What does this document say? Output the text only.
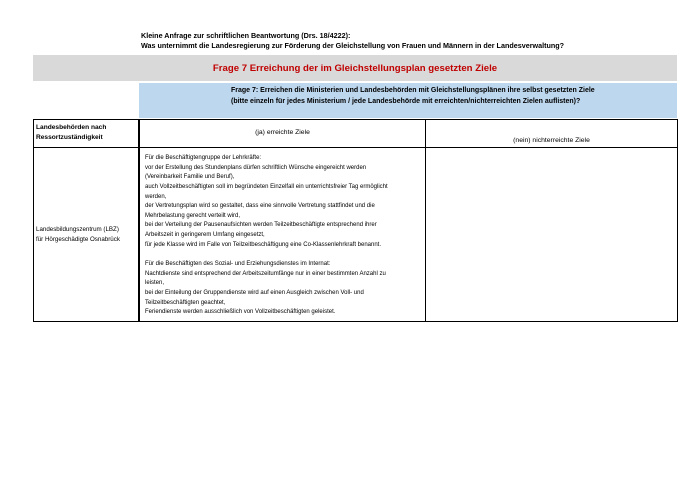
Kleine Anfrage zur schriftlichen Beantwortung (Drs. 18/4222):
Was unternimmt die Landesregierung zur Förderung der Gleichstellung von Frauen und Männern in der Landesverwaltung?
Frage 7 Erreichung der im Gleichstellungsplan gesetzten Ziele
Frage 7: Erreichen die Ministerien und Landesbehörden mit Gleichstellungsplänen ihre selbst gesetzten Ziele
(bitte einzeln für jedes Ministerium / jede Landesbehörde mit erreichten/nichterreichten Zielen auflisten)?
Landesbehörden nach
Ressortzuständigkeit
(ja) erreichte Ziele
(nein) nichterreichte Ziele
Landesbildungszentrum (LBZ)
für Hörgeschädigte Osnabrück
Für die Beschäftigtengruppe der Lehrkräfte:
vor der Erstellung des Stundenplans dürfen schriftlich Wünsche eingereicht werden
(Vereinbarkeit Familie und Beruf),
auch Vollzeitbeschäftigten soll im begründeten Einzelfall ein unterrichtsfreier Tag ermöglicht
werden,
der Vertretungsplan wird so gestaltet, dass eine sinnvolle Vertretung stattfindet und die
Mehrbelastung gerecht verteilt wird,
bei der Verteilung der Pausenaufsichten werden Teilzeitbeschäftigte entsprechend ihrer
Arbeitszeit in geringerem Umfang eingesetzt,
für jede Klasse wird im Falle von Teilzeitbeschäftigung eine Co-Klassenlehrkraft benannt.
Für die Beschäftigten des Sozial- und Erziehungsdienstes im Internat:
Nachtdienste sind entsprechend der Arbeitszeitumfänge nur in einer bestimmten Anzahl zu
leisten,
bei der Einteilung der Gruppendienste wird auf einen Ausgleich zwischen Voll- und
Teilzeitbeschäftigten geachtet,
Feriendienste werden ausschließlich von Vollzeitbeschäftigten geleistet.
